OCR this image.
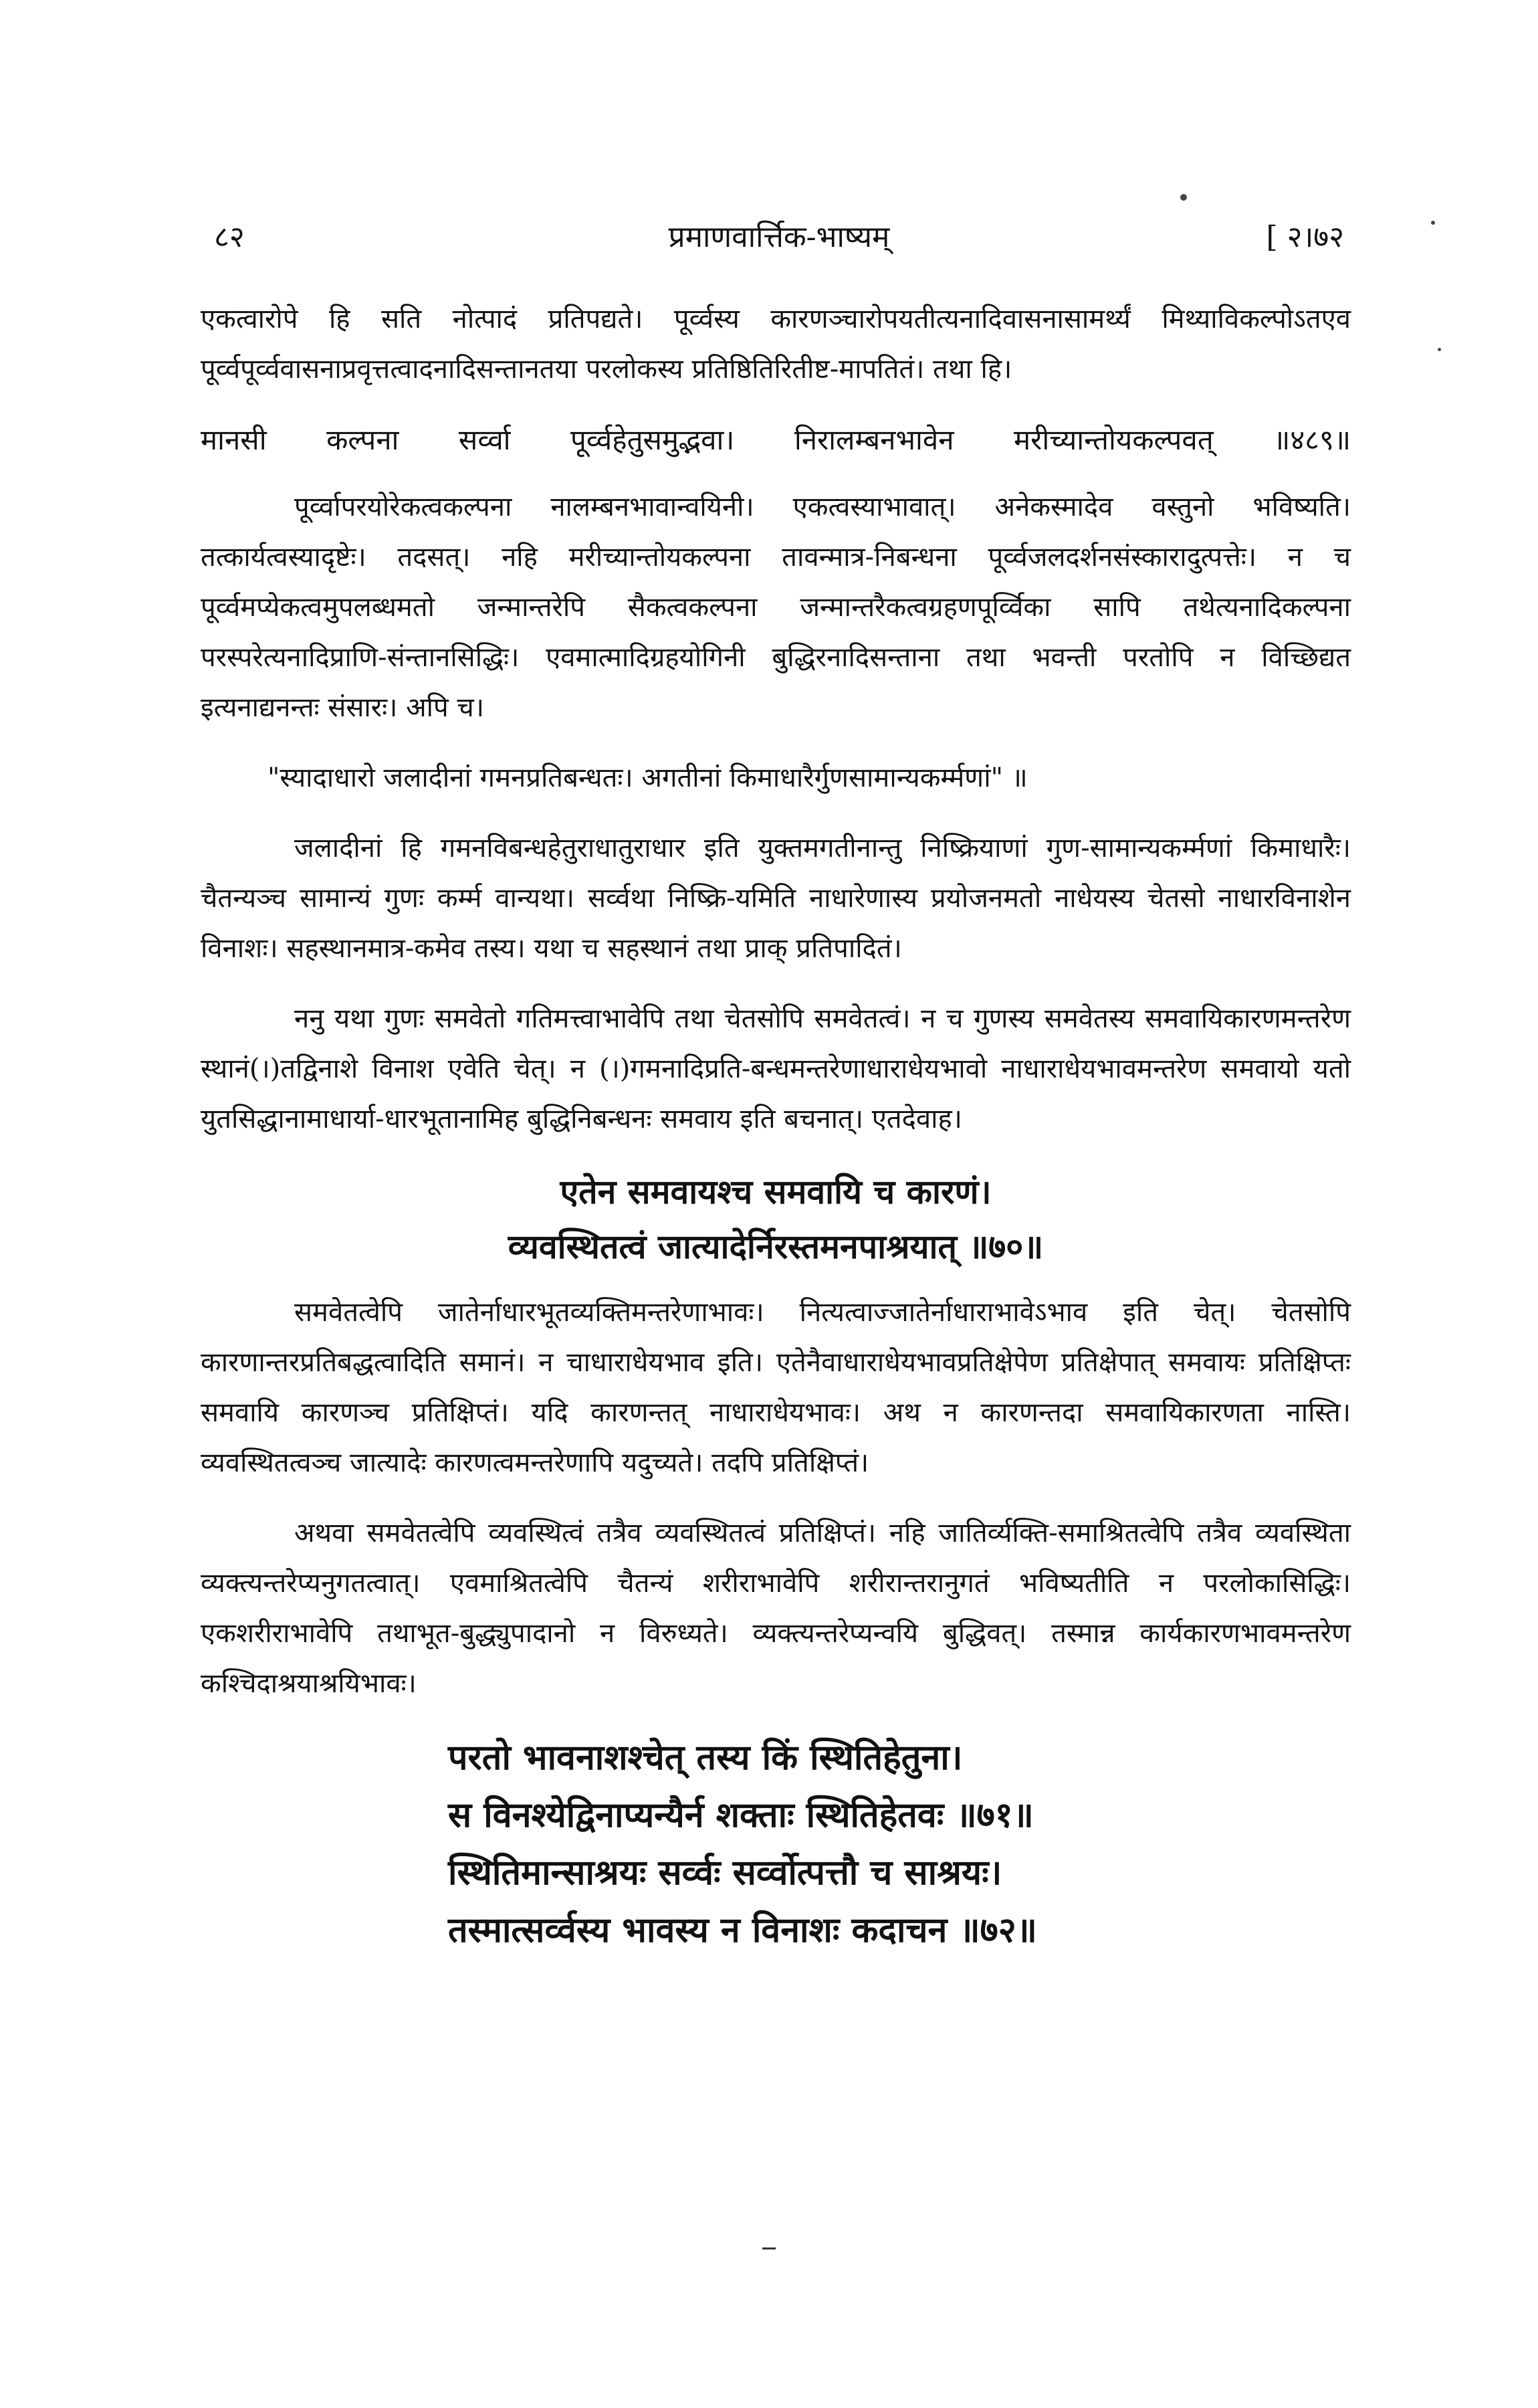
८२	प्रमाणवार्त्तिक-भाष्यम्	[ २।७२

एकत्वारोपे हि सति नोत्पादं प्रतिपद्यते। पूर्व्वस्य कारणञ्चारोपयतीत्यनादिवासनासामर्थ्यं मिथ्याविकल्पोऽतएव पूर्व्वपूर्व्ववासनाप्रवृत्तत्वादनादिसन्तानतया परलोकस्य प्रतिष्ठितिरितीष्ट-मापतितं। तथा हि।

मानसी कल्पना सर्व्वा पूर्व्वहेतुसमुद्भवा। निरालम्बनभावेन मरीच्यान्तोयकल्पवत् ॥४८९॥

पूर्व्वापरयोरेकत्वकल्पना नालम्बनभावान्वयिनी। एकत्वस्याभावात्। अनेकस्मादेव वस्तुनो भविष्यति। तत्कार्यत्वस्यादृष्टेः। तदसत्। नहि मरीच्यान्तोयकल्पना तावन्मात्र-निबन्धना पूर्व्वजलदर्शनसंस्कारादुत्पत्तेः। न च पूर्व्वमप्येकत्वमुपलब्धमतो जन्मान्तरेपि सैकत्वकल्पना जन्मान्तरैकत्वग्रहणपूर्व्विका सापि तथेत्यनादिकल्पना परस्परेत्यनादिप्राणि-संन्तानसिद्धिः। एवमात्मादिग्रहयोगिनी बुद्धिरनादिसन्ताना तथा भवन्ती परतोपि न विच्छिद्यत इत्यनाद्यनन्तः संसारः। अपि च।

"स्यादाधारो जलादीनां गमनप्रतिबन्धतः। अगतीनां किमाधारैर्गुणसामान्यकर्म्मणां" ॥

जलादीनां हि गमनविबन्धहेतुराधातुराधार इति युक्तमगतीनान्तु निष्क्रियाणां गुण-सामान्यकर्म्मणां किमाधारैः। चैतन्यञ्च सामान्यं गुणः कर्म्म वान्यथा। सर्व्वथा निष्क्रि-यमिति नाधारेणास्य प्रयोजनमतो नाधेयस्य चेतसो नाधारविनाशेन विनाशः। सहस्थानमात्र-कमेव तस्य। यथा च सहस्थानं तथा प्राक् प्रतिपादितं।

ननु यथा गुणः समवेतो गतिमत्त्वाभावेपि तथा चेतसोपि समवेतत्वं। न च गुणस्य समवेतस्य समवायिकारणमन्तरेण स्थानं(।)तद्विनाशे विनाश एवेति चेत्। न (।)गमनादिप्रति-बन्धमन्तरेणाधाराधेयभावो नाधाराधेयभावमन्तरेण समवायो यतो युतसिद्धानामाधार्या-धारभूतानामिह बुद्धिनिबन्धनः समवाय इति बचनात्। एतदेवाह।

एतेन समवायश्च समवायि च कारणं।
व्यवस्थितत्वं जात्यादेर्निरस्तमनपाश्रयात् ॥७०॥

समवेतत्वेपि जातेर्नाधारभूतव्यक्तिमन्तरेणाभावः। नित्यत्वाज्जातेर्नाधाराभावेऽभाव इति चेत्। चेतसोपि कारणान्तरप्रतिबद्धत्वादिति समानं। न चाधाराधेयभाव इति। एतेनैवाधाराधेयभावप्रतिक्षेपेण प्रतिक्षेपात् समवायः प्रतिक्षिप्तः समवायि कारणञ्च प्रतिक्षिप्तं। यदि कारणन्तत् नाधाराधेयभावः। अथ न कारणन्तदा समवायिकारणता नास्ति। व्यवस्थितत्वञ्च जात्यादेः कारणत्वमन्तरेणापि यदुच्यते। तदपि प्रतिक्षिप्तं।

अथवा समवेतत्वेपि व्यवस्थित्वं तत्रैव व्यवस्थितत्वं प्रतिक्षिप्तं। नहि जातिर्व्यक्ति-समाश्रितत्वेपि तत्रैव व्यवस्थिता व्यक्त्यन्तरेप्यनुगतत्वात्। एवमाश्रितत्वेपि चैतन्यं शरीराभावेपि शरीरान्तरानुगतं भविष्यतीति न परलोकासिद्धिः। एकशरीराभावेपि तथाभूत-बुद्ध्युपादानो न विरुध्यते। व्यक्त्यन्तरेप्यन्वयि बुद्धिवत्। तस्मान्न कार्यकारणभावमन्तरेण कश्चिदाश्रयाश्रयिभावः।

परतो भावनाशश्चेत् तस्य किं स्थितिहेतुना।
स विनश्येद्विनाप्यन्यैर्न शक्ताः स्थितिहेतवः ॥७१॥
स्थितिमान्साश्रयः सर्व्वः सर्व्वोत्पत्तौ च साश्रयः।
तस्मात्सर्व्वस्य भावस्य न विनाशः कदाचन ॥७२॥
